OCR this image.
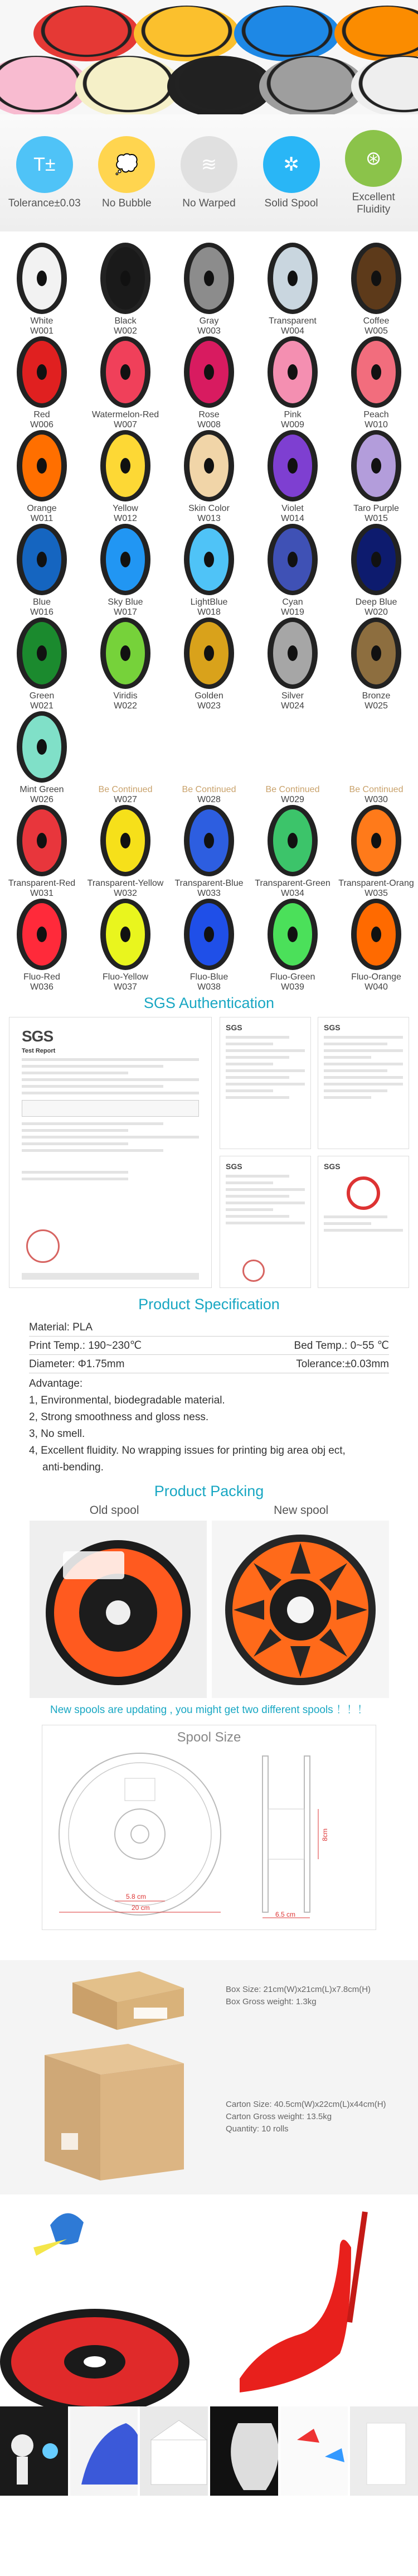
T±
Tolerance±0.03
💭
No Bubble
≋
No Warped
✲
Solid Spool
⊛
Excellent Fluidity
White
W001
Black
W002
Gray
W003
Transparent
W004
Coffee
W005
Red
W006
Watermelon-Red
W007
Rose
W008
Pink
W009
Peach
W010
Orange
W011
Yellow
W012
Skin Color
W013
Violet
W014
Taro Purple
W015
Blue
W016
Sky Blue
W017
LightBlue
W018
Cyan
W019
Deep Blue
W020
Green
W021
Viridis
W022
Golden
W023
Silver
W024
Bronze
W025
Mint Green
W026
Be Continued
W027
Be Continued
W028
Be Continued
W029
Be Continued
W030
Transparent-Red
W031
Transparent-Yellow
W032
Transparent-Blue
W033
Transparent-Green
W034
Transparent-Orang
W035
Fluo-Red
W036
Fluo-Yellow
W037
Fluo-Blue
W038
Fluo-Green
W039
Fluo-Orange
W040
SGS Authentication
SGS
Test Report
SGS	SGS
SGS	SGS
Product Specification
Material: PLA
Print Temp.: 190~230℃	Bed Temp.: 0~55 ℃
Diameter: Φ1.75mm	Tolerance:±0.03mm
Advantage:
1, Environmental, biodegradable material.
2, Strong smoothness and gloss ness.
3, No smell.
4, Excellent fluidity. No wrapping issues for printing big area obj ect,
anti-bending.
Product Packing
Old spool	New spool
New spools are updating , you might get two different spools ！！！
Spool Size
5.8 cm
20 cm
8cm
6.5 cm
Box Size: 21cm(W)x21cm(L)x7.8cm(H)
Box Gross weight: 1.3kg
Carton Size: 40.5cm(W)x22cm(L)x44cm(H)
Carton Gross weight: 13.5kg
Quantity: 10 rolls
